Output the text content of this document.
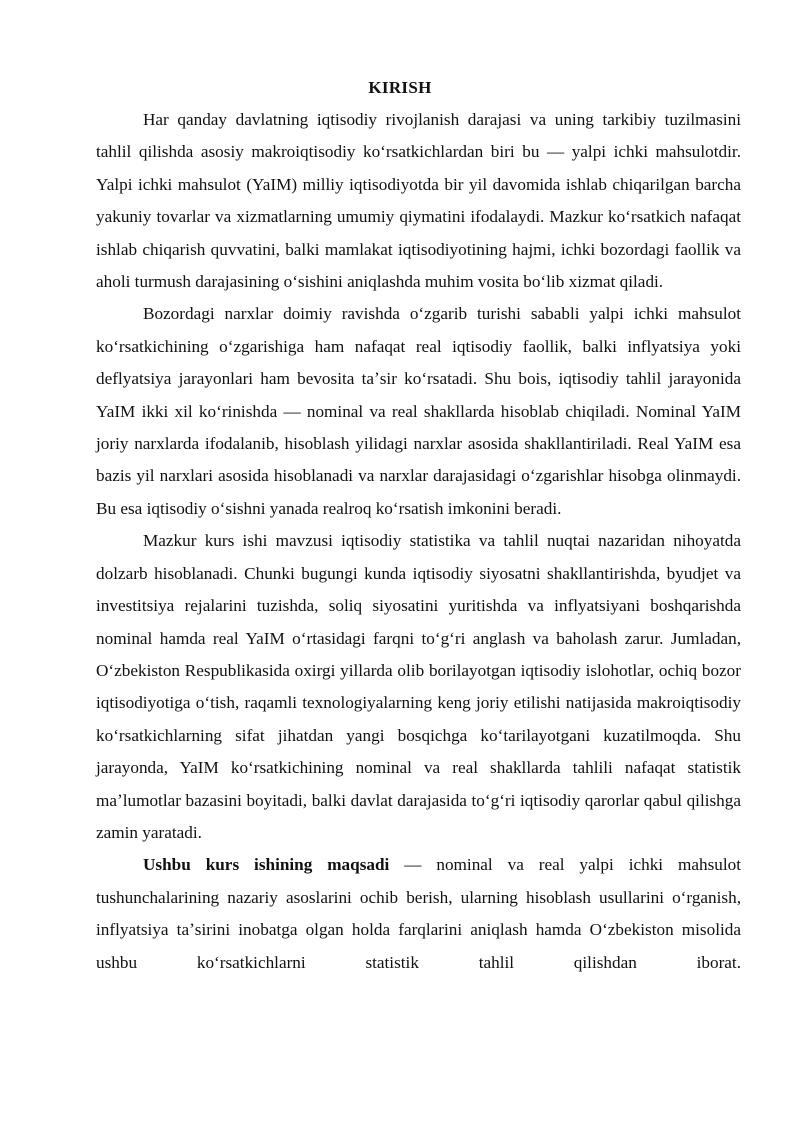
KIRISH

Har qanday davlatning iqtisodiy rivojlanish darajasi va uning tarkibiy tuzilmasini tahlil qilishda asosiy makroiqtisodiy koʻrsatkichlardan biri bu — yalpi ichki mahsulotdir. Yalpi ichki mahsulot (YaIM) milliy iqtisodiyotda bir yil davomida ishlab chiqarilgan barcha yakuniy tovarlar va xizmatlarning umumiy qiymatini ifodalaydi. Mazkur koʻrsatkich nafaqat ishlab chiqarish quvvatini, balki mamlakat iqtisodiyotining hajmi, ichki bozordagi faollik va aholi turmush darajasining oʻsishini aniqlashda muhim vosita boʻlib xizmat qiladi.

Bozordagi narxlar doimiy ravishda oʻzgarib turishi sababli yalpi ichki mahsulot koʻrsatkichining oʻzgarishiga ham nafaqat real iqtisodiy faollik, balki inflyatsiya yoki deflyatsiya jarayonlari ham bevosita taʼsir koʻrsatadi. Shu bois, iqtisodiy tahlil jarayonida YaIM ikki xil koʻrinishda — nominal va real shakllarda hisoblab chiqiladi. Nominal YaIM joriy narxlarda ifodalanib, hisoblash yilidagi narxlar asosida shakllantiriladi. Real YaIM esa bazis yil narxlari asosida hisoblanadi va narxlar darajasidagi oʻzgarishlar hisobga olinmaydi. Bu esa iqtisodiy oʻsishni yanada realroq koʻrsatish imkonini beradi.

Mazkur kurs ishi mavzusi iqtisodiy statistika va tahlil nuqtai nazaridan nihoyatda dolzarb hisoblanadi. Chunki bugungi kunda iqtisodiy siyosatni shakllantirishda, byudjet va investitsiya rejalarini tuzishda, soliq siyosatini yuritishda va inflyatsiyani boshqarishda nominal hamda real YaIM oʻrtasidagi farqni toʻgʻri anglash va baholash zarur. Jumladan, Oʻzbekiston Respublikasida oxirgi yillarda olib borilayotgan iqtisodiy islohotlar, ochiq bozor iqtisodiyotiga oʻtish, raqamli texnologiyalarning keng joriy etilishi natijasida makroiqtisodiy koʻrsatkichlarning sifat jihatdan yangi bosqichga koʻtarilayotgani kuzatilmoqda. Shu jarayonda, YaIM koʻrsatkichining nominal va real shakllarda tahlili nafaqat statistik maʼlumotlar bazasini boyitadi, balki davlat darajasida toʻgʻri iqtisodiy qarorlar qabul qilishga zamin yaratadi.

Ushbu kurs ishining maqsadi — nominal va real yalpi ichki mahsulot tushunchalarining nazariy asoslarini ochib berish, ularning hisoblash usullarini oʻrganish, inflyatsiya taʼsirini inobatga olgan holda farqlarini aniqlash hamda Oʻzbekiston misolida ushbu koʻrsatkichlarni statistik tahlil qilishdan iborat.
